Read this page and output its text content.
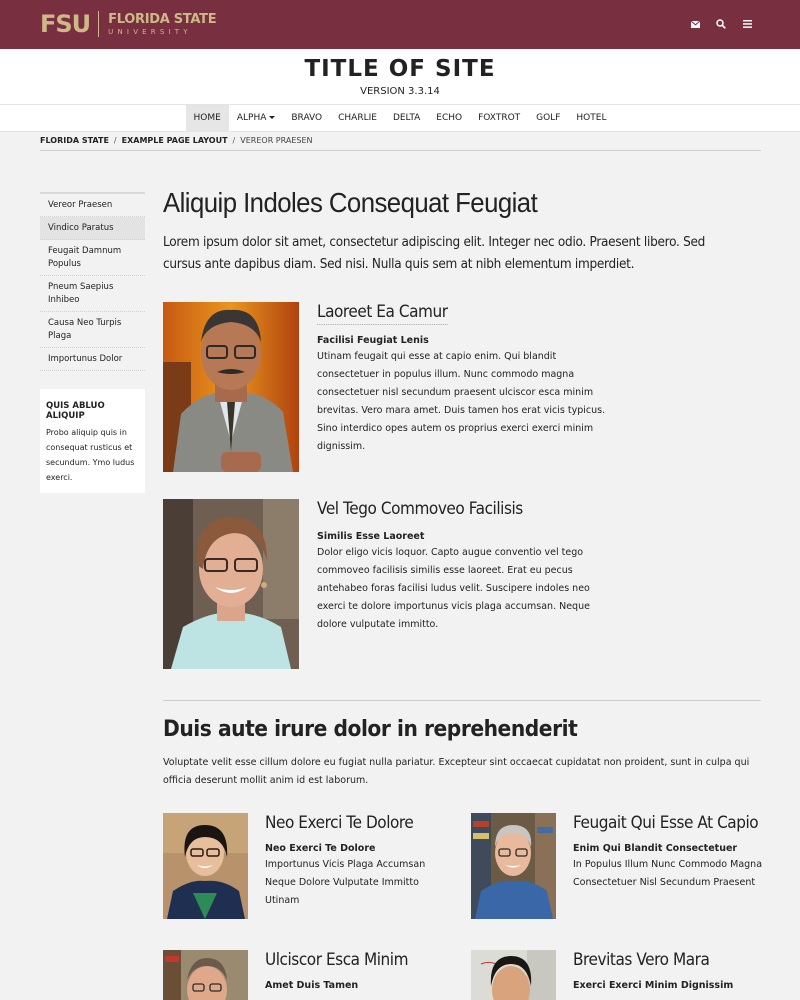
FSU FLORIDA STATE
UNIVERSITY
TITLE OF SITE
VERSION 3.3.14
HOME	ALPHA	BRAVO	CHARLIE	DELTA	ECHO	FOXTROT	GOLF	HOTEL
FLORIDA STATE / EXAMPLE PAGE LAYOUT / VEREOR PRAESEN
Vereor Praesen
Vindico Paratus
Feugait Damnum Populus
Pneum Saepius Inhibeo
Causa Neo Turpis Plaga
Importunus Dolor
QUIS ABLUO ALIQUIP
Probo aliquip quis in consequat rusticus et secundum. Ymo ludus exerci.
Aliquip Indoles Consequat Feugiat
Lorem ipsum dolor sit amet, consectetur adipiscing elit. Integer nec odio. Praesent libero. Sed cursus ante dapibus diam. Sed nisi. Nulla quis sem at nibh elementum imperdiet.
Laoreet Ea Camur
Facilisi Feugiat Lenis
Utinam feugait qui esse at capio enim. Qui blandit consectetuer in populus illum. Nunc commodo magna consectetuer nisl secundum praesent ulciscor esca minim brevitas. Vero mara amet. Duis tamen hos erat vicis typicus. Sino interdico opes autem os proprius exerci exerci minim dignissim.
Vel Tego Commoveo Facilisis
Similis Esse Laoreet
Dolor eligo vicis loquor. Capto augue conventio vel tego commoveo facilisis similis esse laoreet. Erat eu pecus antehabeo foras facilisi ludus velit. Suscipere indoles neo exerci te dolore importunus vicis plaga accumsan. Neque dolore vulputate immitto.
Duis aute irure dolor in reprehenderit
Voluptate velit esse cillum dolore eu fugiat nulla pariatur. Excepteur sint occaecat cupidatat non proident, sunt in culpa qui officia deserunt mollit anim id est laborum.
Neo Exerci Te Dolore
Neo Exerci Te Dolore
Importunus Vicis Plaga Accumsan Neque Dolore Vulputate Immitto Utinam
Feugait Qui Esse At Capio
Enim Qui Blandit Consectetuer
In Populus Illum Nunc Commodo Magna Consectetuer Nisl Secundum Praesent
Ulciscor Esca Minim
Amet Duis Tamen
Brevitas Vero Mara
Exerci Exerci Minim Dignissim
